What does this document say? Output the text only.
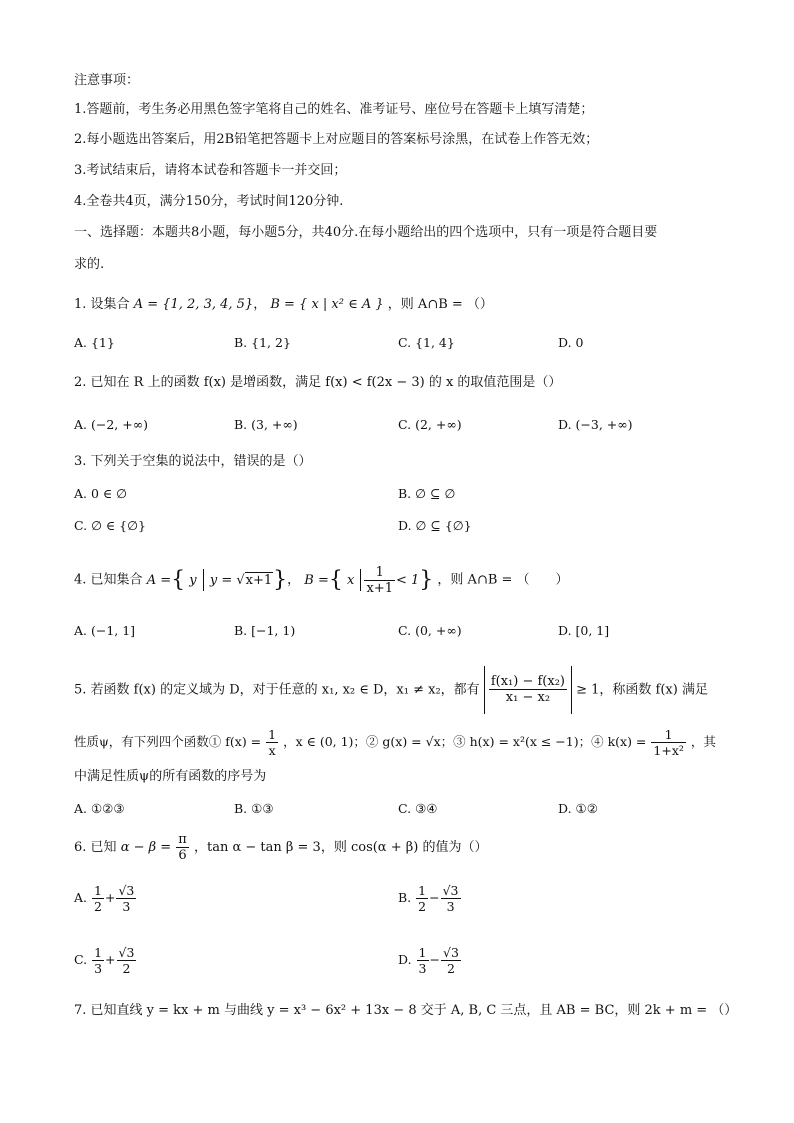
注意事项：
1.答题前，考生务必用黑色签字笔将自己的姓名、准考证号、座位号在答题卡上填写清楚；
2.每小题选出答案后，用2B铅笔把答题卡上对应题目的答案标号涂黑，在试卷上作答无效；
3.考试结束后，请将本试卷和答题卡一并交回；
4.全卷共4页，满分150分，考试时间120分钟.
一、选择题：本题共8小题，每小题5分，共40分.在每小题给出的四个选项中，只有一项是符合题目要
求的.
1. 设集合 A = {1, 2, 3, 4, 5}， B = { x | x² ∈ A } ，则 A∩B = （）
A. {1}	B. {1, 2}	C. {1, 4}	D. 0
2. 已知在 R 上的函数 f(x) 是增函数，满足 f(x) < f(2x − 3) 的 x 的取值范围是（）
A. (−2, +∞)	B. (3, +∞)	C. (2, +∞)	D. (−3, +∞)
3. 下列关于空集的说法中，错误的是（）
A. 0 ∈ ∅	B. ∅ ⊆ ∅
C. ∅ ∈ {∅}	D. ∅ ⊆ {∅}
4. 已知集合 A ={ y  y = √x+1}， B ={ x $\frac{1}{x+1} < 1$} ，则 A∩B = （　　）
A. (−1, 1]	B. [−1, 1)	C. (0, +∞)	D. [0, 1]
5. 若函数 f(x) 的定义域为 D，对于任意的 x₁, x₂ ∈ D，x₁ ≠ x₂，都有 $\frac{\text{f(x₁) − f(x₂)}}{\text{x₁ − x₂}} \ge 1$，称函数 f(x) 满足
性质ψ，有下列四个函数① $f(x) = \frac{1}{x}$ ，x ∈ (0, 1)；② g(x) = √x；③ h(x) = x²(x ≤ −1)；④ $k(x) = \frac{1}{\text{1+x²}}$ ，其
中满足性质ψ的所有函数的序号为
A. ①②③	B. ①③	C. ③④	D. ①②
6. 已知 $\alpha - \beta = \frac{\pi}{6}$ ，tan α − tan β = 3，则 cos(α + β) 的值为（）
A. $\frac{1}{2} + \frac{√3}{3}$	B. $\frac{1}{2} - \frac{√3}{3}$
C. $\frac{1}{3} + \frac{√3}{2}$	D. $\frac{1}{3} - \frac{√3}{2}$
7. 已知直线 y = kx + m 与曲线 y = x³ − 6x² + 13x − 8 交于 A, B, C 三点，且 AB = BC，则 2k + m = （）
